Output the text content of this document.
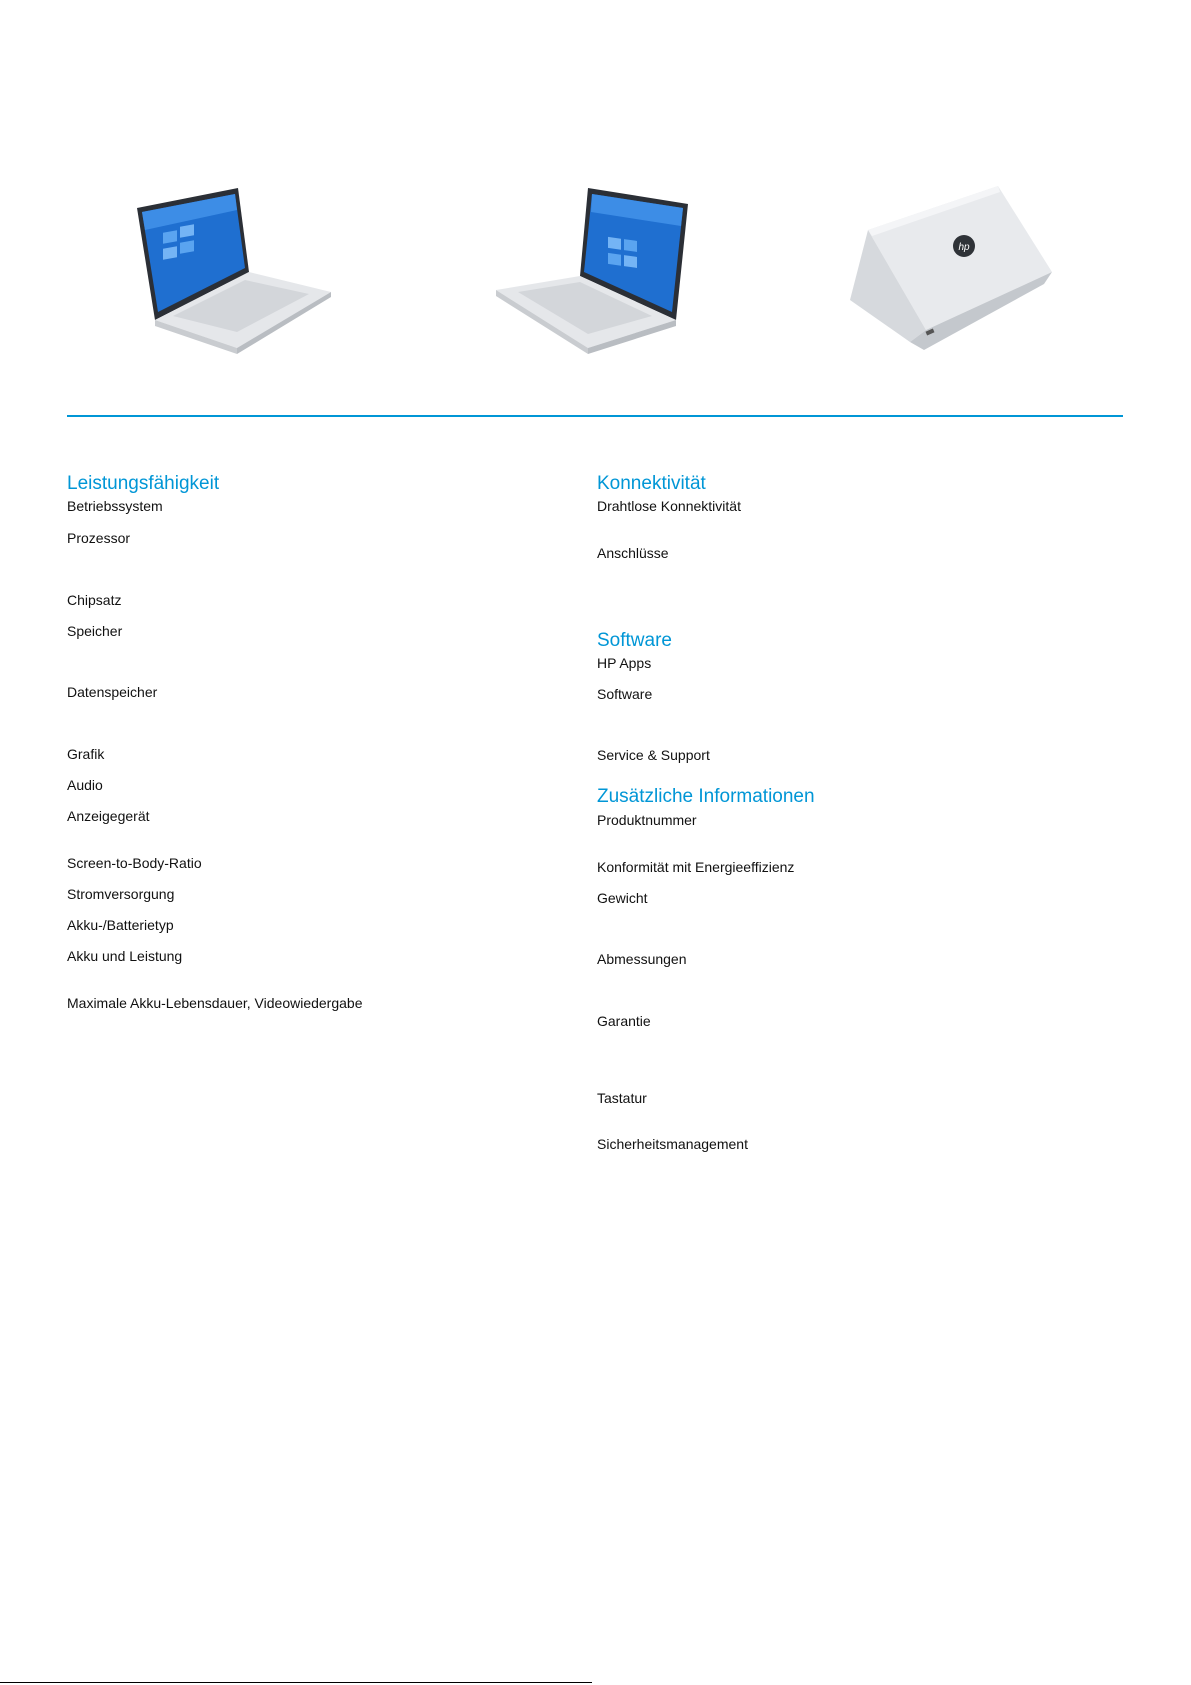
hp
Leistungsfähigkeit

Betriebssystem

Prozessor

Chipsatz

Speicher

Datenspeicher

Grafik

Audio

Anzeigegerät

Screen-to-Body-Ratio

Stromversorgung

Akku-/Batterietyp

Akku und Leistung

Maximale Akku-Lebensdauer, Videowiedergabe

Konnektivität

Drahtlose Konnektivität

Anschlüsse

Software

HP Apps

Software

Service & Support

Zusätzliche Informationen

Produktnummer

Konformität mit Energieeffizienz

Gewicht

Abmessungen

Garantie

Tastatur

Sicherheitsmanagement
